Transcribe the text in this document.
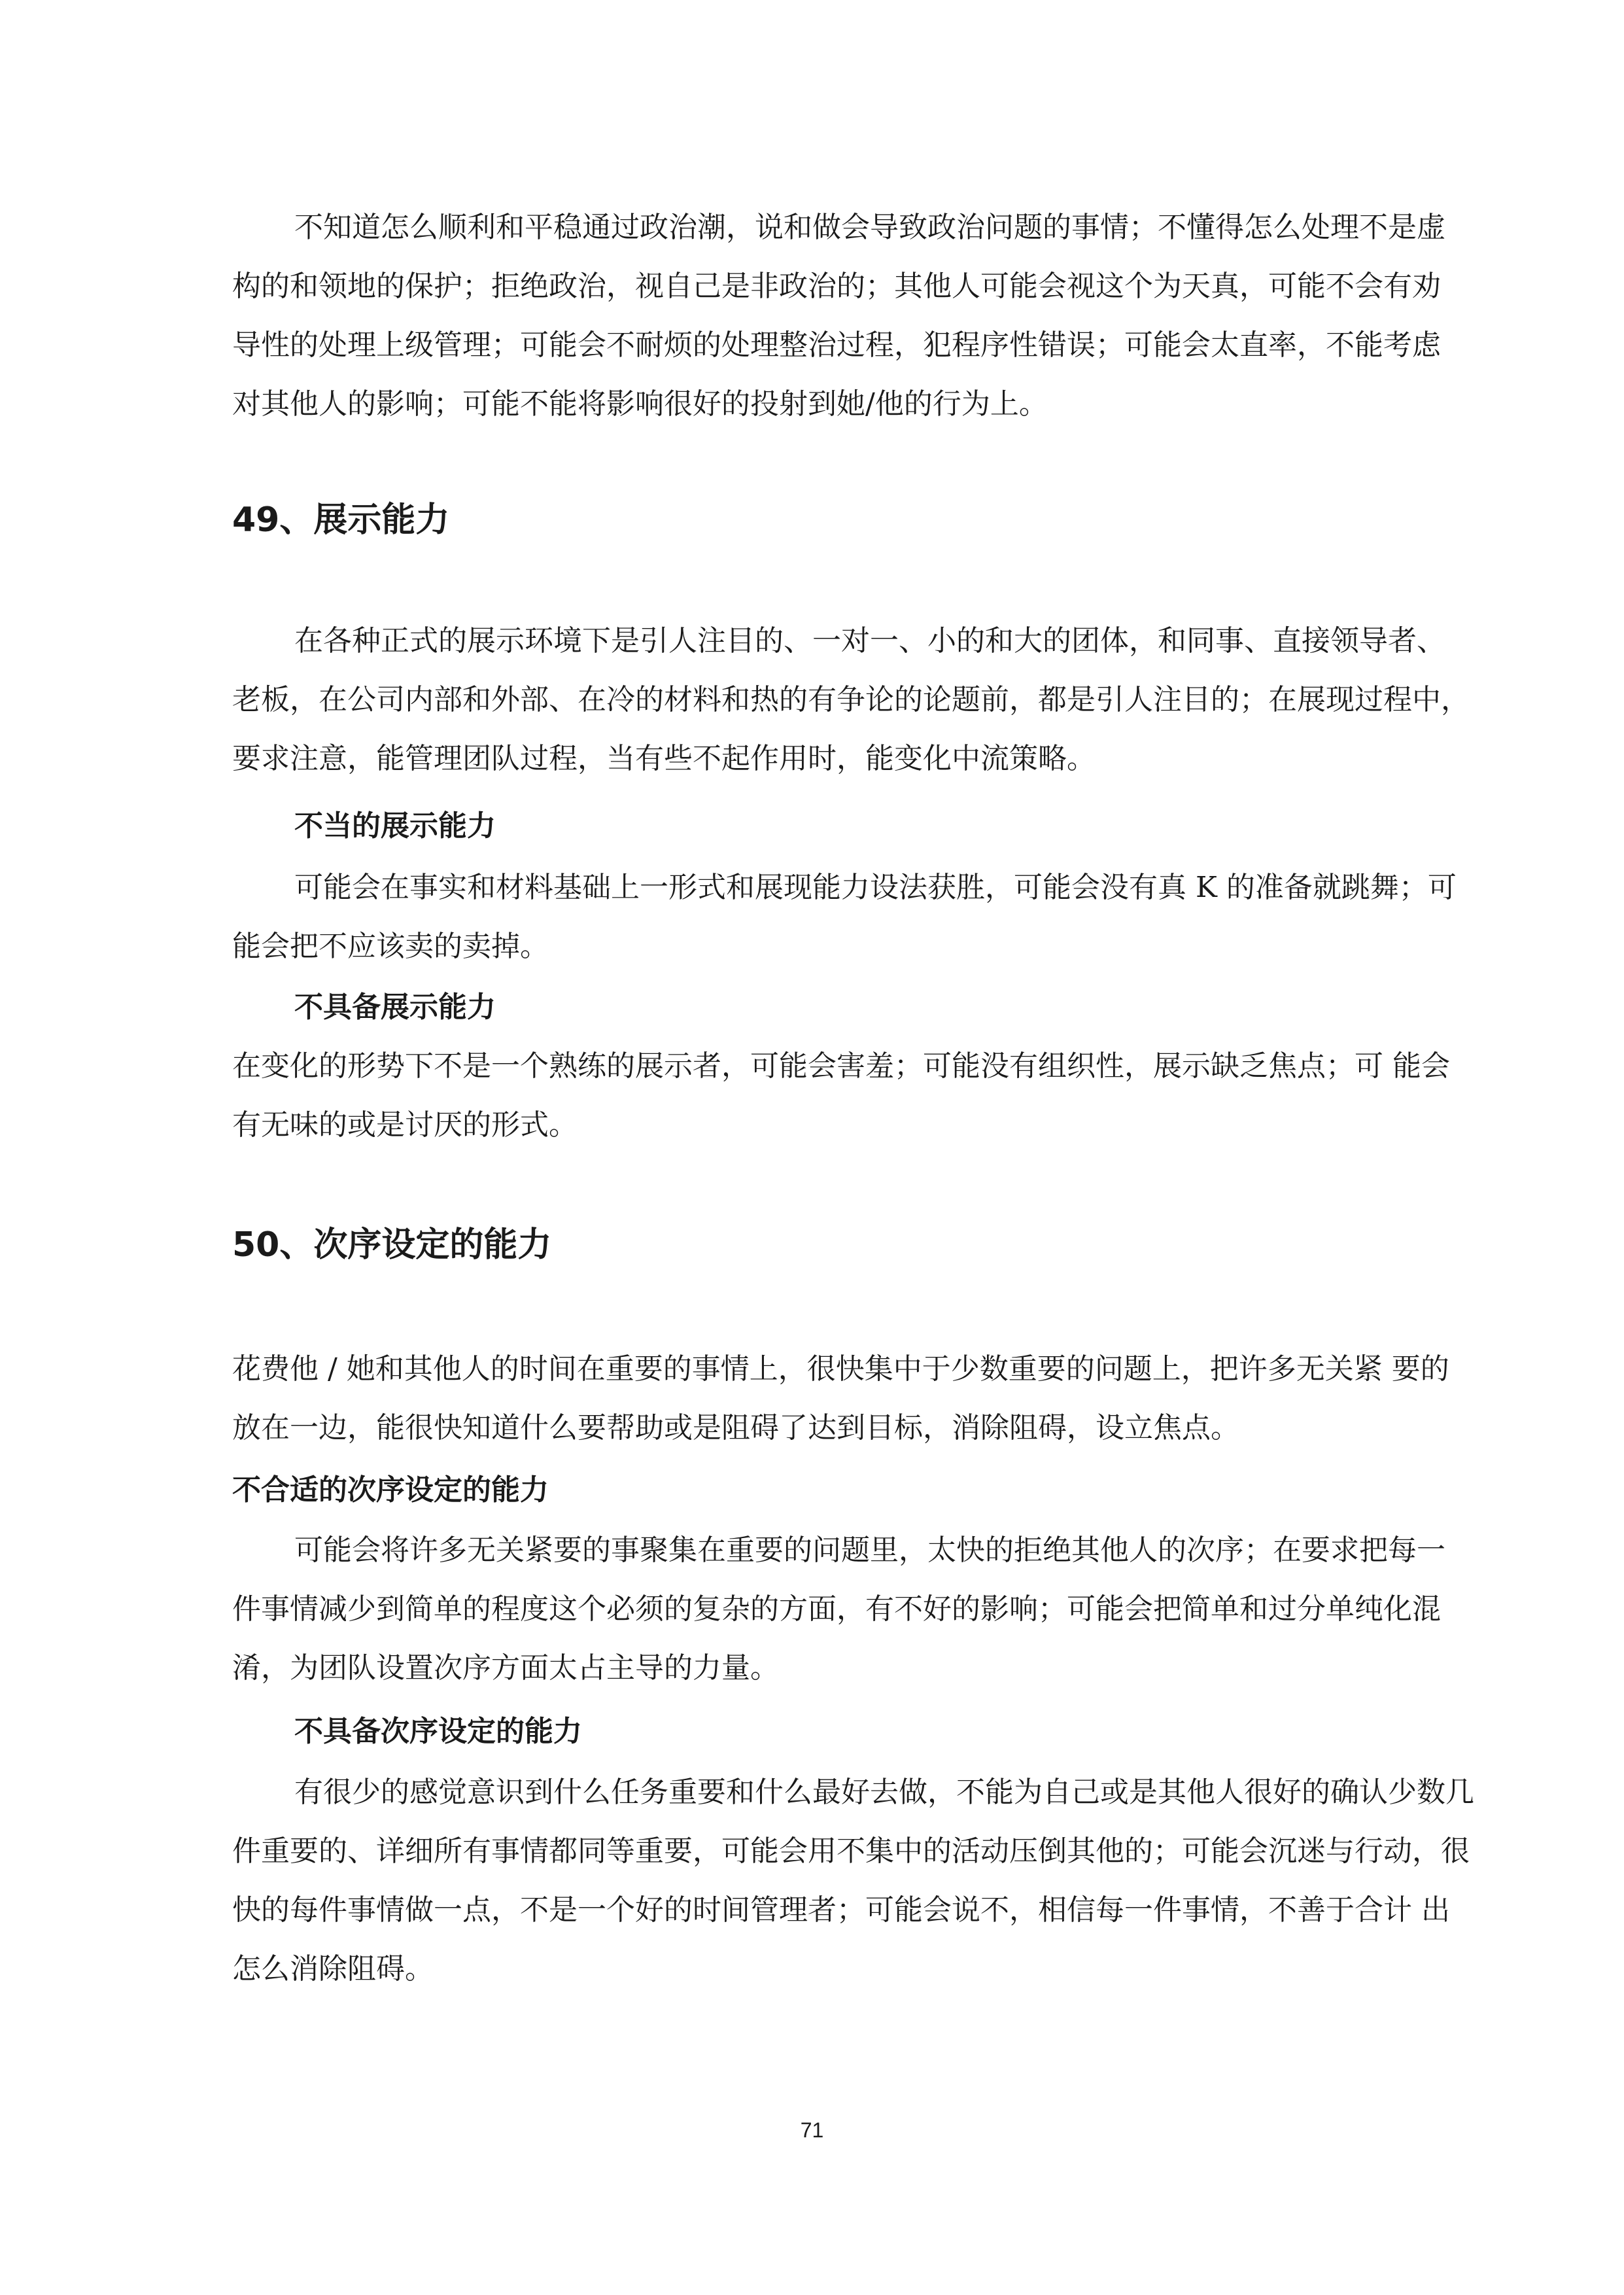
不知道怎么顺利和平稳通过政治潮，说和做会导致政治问题的事情；不懂得怎么处理不是虚

构的和领地的保护；拒绝政治，视自己是非政治的；其他人可能会视这个为天真，可能不会有劝

导性的处理上级管理；可能会不耐烦的处理整治过程，犯程序性错误；可能会太直率，不能考虑

对其他人的影响；可能不能将影响很好的投射到她/他的行为上。

49、展示能力

在各种正式的展示环境下是引人注目的、一对一、小的和大的团体，和同事、直接领导者、

老板，在公司内部和外部、在冷的材料和热的有争论的论题前，都是引人注目的；在展现过程中，

要求注意，能管理团队过程，当有些不起作用时，能变化中流策略。

不当的展示能力

可能会在事实和材料基础上一形式和展现能力设法获胜，可能会没有真 K 的准备就跳舞；可

能会把不应该卖的卖掉。

不具备展示能力

在变化的形势下不是一个熟练的展示者，可能会害羞；可能没有组织性，展示缺乏焦点；可 能会

有无味的或是讨厌的形式。

50、次序设定的能力

花费他 / 她和其他人的时间在重要的事情上，很快集中于少数重要的问题上，把许多无关紧 要的

放在一边，能很快知道什么要帮助或是阻碍了达到目标，消除阻碍，设立焦点。

不合适的次序设定的能力

可能会将许多无关紧要的事聚集在重要的问题里，太快的拒绝其他人的次序；在要求把每一

件事情减少到简单的程度这个必须的复杂的方面，有不好的影响；可能会把简单和过分单纯化混

淆，为团队设置次序方面太占主导的力量。

不具备次序设定的能力

有很少的感觉意识到什么任务重要和什么最好去做，不能为自己或是其他人很好的确认少数几

件重要的、详细所有事情都同等重要，可能会用不集中的活动压倒其他的；可能会沉迷与行动，很

快的每件事情做一点，不是一个好的时间管理者；可能会说不，相信每一件事情，不善于合计 出

怎么消除阻碍。

71
